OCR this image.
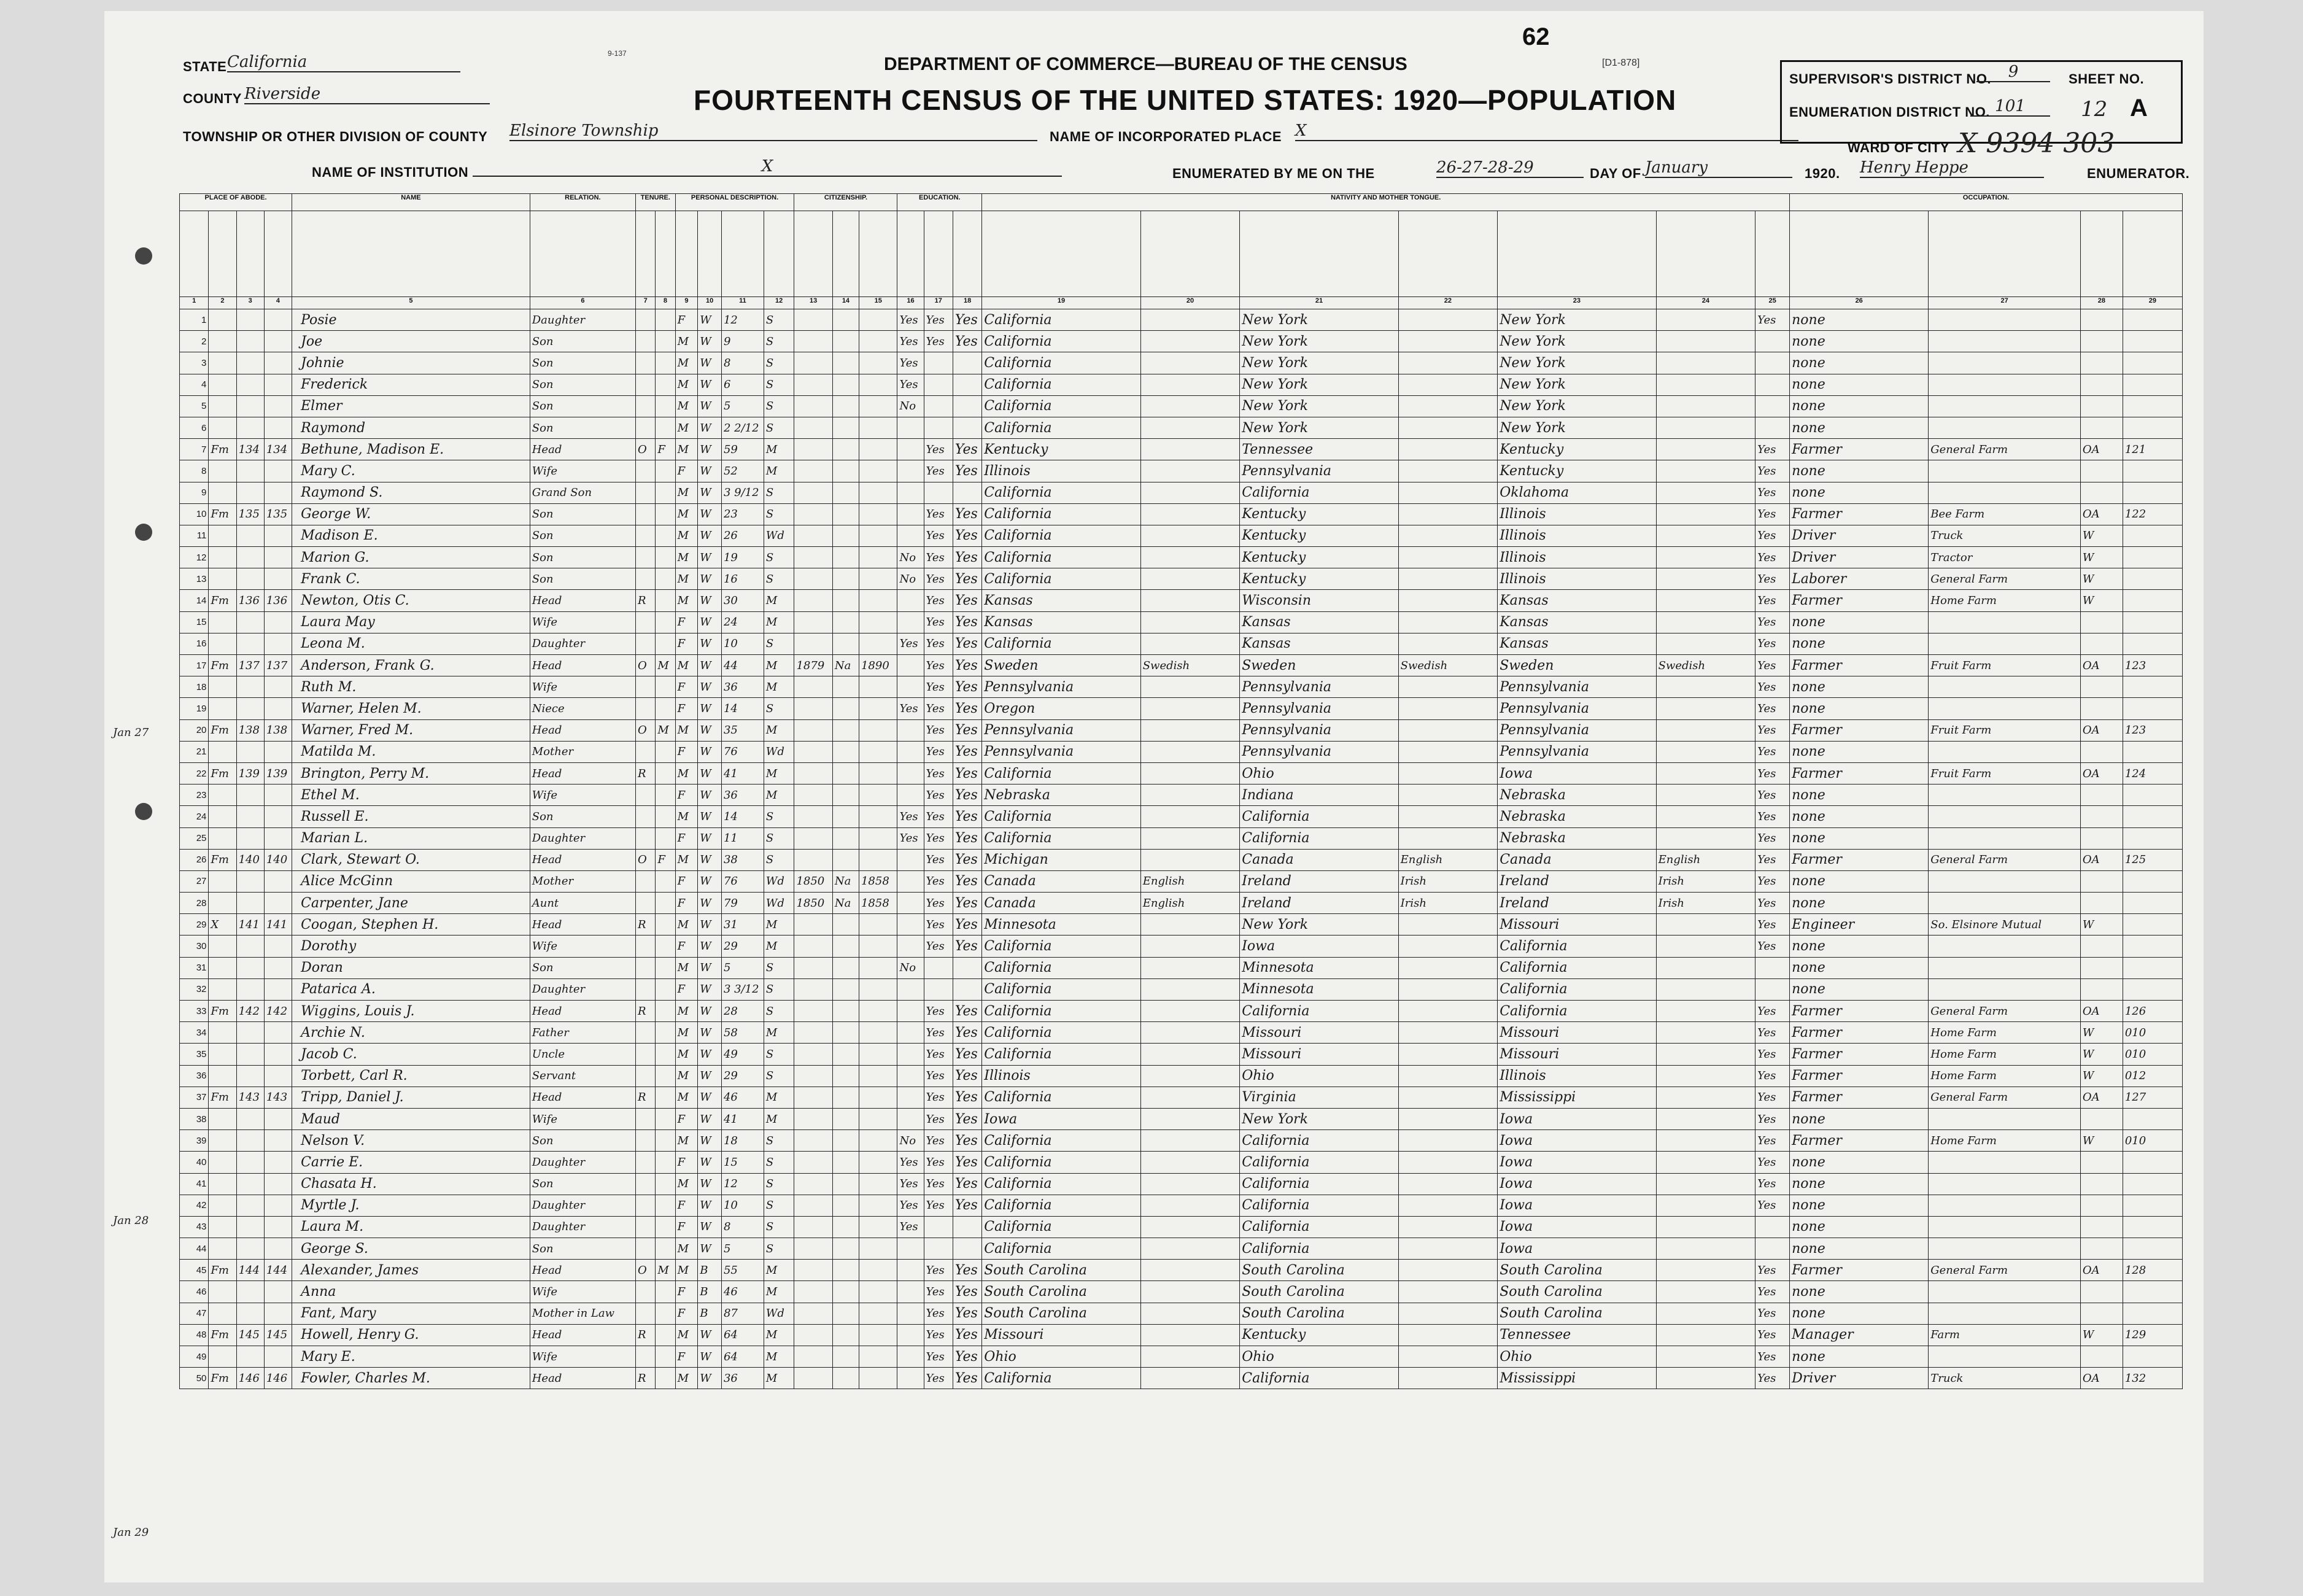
62
9-137
DEPARTMENT OF COMMERCE—BUREAU OF THE CENSUS	[D1-878]
FOURTEENTH CENSUS OF THE UNITED STATES: 1920—POPULATION
STATE California
COUNTY Riverside
TOWNSHIP OR OTHER DIVISION OF COUNTY Elsinore Township
NAME OF INSTITUTION	X
NAME OF INCORPORATED PLACE X
ENUMERATED BY ME ON THE	26-27-28-29	DAY OF January	1920. Henry Heppe	ENUMERATOR.
SUPERVISOR'S DISTRICT NO.	9
ENUMERATION DISTRICT NO. 101
SHEET NO.
12 A
WARD OF CITY X 9394 303
Jan 27
Jan 28
Jan 29
PLACE OF ABODE.				NAME	RELATION.	TENURE.		PERSONAL DESCRIPTION.				CITIZENSHIP.			EDUCATION.			NATIVITY AND MOTHER TONGUE.							OCCUPATION.			

1	2	3	4	5	6	7	8	9	10	11	12	13	14	15	16	17	18	19	20	21	22	23	24	25	26	27	28	29
1				Posie	Daughter			F	W	12	S				Yes	Yes	Yes	California		New York		New York		Yes	none			
2				Joe	Son			M	W	9	S				Yes	Yes	Yes	California		New York		New York			none			
3				Johnie	Son			M	W	8	S				Yes			California		New York		New York			none			
4				Frederick	Son			M	W	6	S				Yes			California		New York		New York			none			
5				Elmer	Son			M	W	5	S				No			California		New York		New York			none			
6				Raymond	Son			M	W	2 2/12	S							California		New York		New York			none			
7	Fm	134	134	Bethune, Madison E.	Head	O	F	M	W	59	M					Yes	Yes	Kentucky		Tennessee		Kentucky		Yes	Farmer	General Farm	OA	121
8				Mary C.	Wife			F	W	52	M					Yes	Yes	Illinois		Pennsylvania		Kentucky		Yes	none			
9				Raymond S.	Grand Son			M	W	3 9/12	S							California		California		Oklahoma		Yes	none			
10	Fm	135	135	George W.	Son			M	W	23	S					Yes	Yes	California		Kentucky		Illinois		Yes	Farmer	Bee Farm	OA	122
11				Madison E.	Son			M	W	26	Wd					Yes	Yes	California		Kentucky		Illinois		Yes	Driver	Truck	W	
12				Marion G.	Son			M	W	19	S				No	Yes	Yes	California		Kentucky		Illinois		Yes	Driver	Tractor	W	
13				Frank C.	Son			M	W	16	S				No	Yes	Yes	California		Kentucky		Illinois		Yes	Laborer	General Farm	W	
14	Fm	136	136	Newton, Otis C.	Head	R		M	W	30	M					Yes	Yes	Kansas		Wisconsin		Kansas		Yes	Farmer	Home Farm	W	
15				Laura May	Wife			F	W	24	M					Yes	Yes	Kansas		Kansas		Kansas		Yes	none			
16				Leona M.	Daughter			F	W	10	S				Yes	Yes	Yes	California		Kansas		Kansas		Yes	none			
17	Fm	137	137	Anderson, Frank G.	Head	O	M	M	W	44	M	1879	Na	1890		Yes	Yes	Sweden	Swedish	Sweden	Swedish	Sweden	Swedish	Yes	Farmer	Fruit Farm	OA	123
18				Ruth M.	Wife			F	W	36	M					Yes	Yes	Pennsylvania		Pennsylvania		Pennsylvania		Yes	none			
19				Warner, Helen M.	Niece			F	W	14	S				Yes	Yes	Yes	Oregon		Pennsylvania		Pennsylvania		Yes	none			
20	Fm	138	138	Warner, Fred M.	Head	O	M	M	W	35	M					Yes	Yes	Pennsylvania		Pennsylvania		Pennsylvania		Yes	Farmer	Fruit Farm	OA	123
21				Matilda M.	Mother			F	W	76	Wd					Yes	Yes	Pennsylvania		Pennsylvania		Pennsylvania		Yes	none			
22	Fm	139	139	Brington, Perry M.	Head	R		M	W	41	M					Yes	Yes	California		Ohio		Iowa		Yes	Farmer	Fruit Farm	OA	124
23				Ethel M.	Wife			F	W	36	M					Yes	Yes	Nebraska		Indiana		Nebraska		Yes	none			
24				Russell E.	Son			M	W	14	S				Yes	Yes	Yes	California		California		Nebraska		Yes	none			
25				Marian L.	Daughter			F	W	11	S				Yes	Yes	Yes	California		California		Nebraska		Yes	none			
26	Fm	140	140	Clark, Stewart O.	Head	O	F	M	W	38	S					Yes	Yes	Michigan		Canada	English	Canada	English	Yes	Farmer	General Farm	OA	125
27				Alice McGinn	Mother			F	W	76	Wd	1850	Na	1858		Yes	Yes	Canada	English	Ireland	Irish	Ireland	Irish	Yes	none			
28				Carpenter, Jane	Aunt			F	W	79	Wd	1850	Na	1858		Yes	Yes	Canada	English	Ireland	Irish	Ireland	Irish	Yes	none			
29	X	141	141	Coogan, Stephen H.	Head	R		M	W	31	M					Yes	Yes	Minnesota		New York		Missouri		Yes	Engineer	So. Elsinore Mutual	W	
30				Dorothy	Wife			F	W	29	M					Yes	Yes	California		Iowa		California		Yes	none			
31				Doran	Son			M	W	5	S				No			California		Minnesota		California			none			
32				Patarica A.	Daughter			F	W	3 3/12	S							California		Minnesota		California			none			
33	Fm	142	142	Wiggins, Louis J.	Head	R		M	W	28	S					Yes	Yes	California		California		California		Yes	Farmer	General Farm	OA	126
34				Archie N.	Father			M	W	58	M					Yes	Yes	California		Missouri		Missouri		Yes	Farmer	Home Farm	W	010
35				Jacob C.	Uncle			M	W	49	S					Yes	Yes	California		Missouri		Missouri		Yes	Farmer	Home Farm	W	010
36				Torbett, Carl R.	Servant			M	W	29	S					Yes	Yes	Illinois		Ohio		Illinois		Yes	Farmer	Home Farm	W	012
37	Fm	143	143	Tripp, Daniel J.	Head	R		M	W	46	M					Yes	Yes	California		Virginia		Mississippi		Yes	Farmer	General Farm	OA	127
38				Maud	Wife			F	W	41	M					Yes	Yes	Iowa		New York		Iowa		Yes	none			
39				Nelson V.	Son			M	W	18	S				No	Yes	Yes	California		California		Iowa		Yes	Farmer	Home Farm	W	010
40				Carrie E.	Daughter			F	W	15	S				Yes	Yes	Yes	California		California		Iowa		Yes	none			
41				Chasata H.	Son			M	W	12	S				Yes	Yes	Yes	California		California		Iowa		Yes	none			
42				Myrtle J.	Daughter			F	W	10	S				Yes	Yes	Yes	California		California		Iowa		Yes	none			
43				Laura M.	Daughter			F	W	8	S				Yes			California		California		Iowa			none			
44				George S.	Son			M	W	5	S							California		California		Iowa			none			
45	Fm	144	144	Alexander, James	Head	O	M	M	B	55	M					Yes	Yes	South Carolina		South Carolina		South Carolina		Yes	Farmer	General Farm	OA	128
46				Anna	Wife			F	B	46	M					Yes	Yes	South Carolina		South Carolina		South Carolina		Yes	none			
47				Fant, Mary	Mother in Law			F	B	87	Wd					Yes	Yes	South Carolina		South Carolina		South Carolina		Yes	none			
48	Fm	145	145	Howell, Henry G.	Head	R		M	W	64	M					Yes	Yes	Missouri		Kentucky		Tennessee		Yes	Manager	Farm	W	129
49				Mary E.	Wife			F	W	64	M					Yes	Yes	Ohio		Ohio		Ohio		Yes	none			
50	Fm	146	146	Fowler, Charles M.	Head	R		M	W	36	M					Yes	Yes	California		California		Mississippi		Yes	Driver	Truck	OA	132
